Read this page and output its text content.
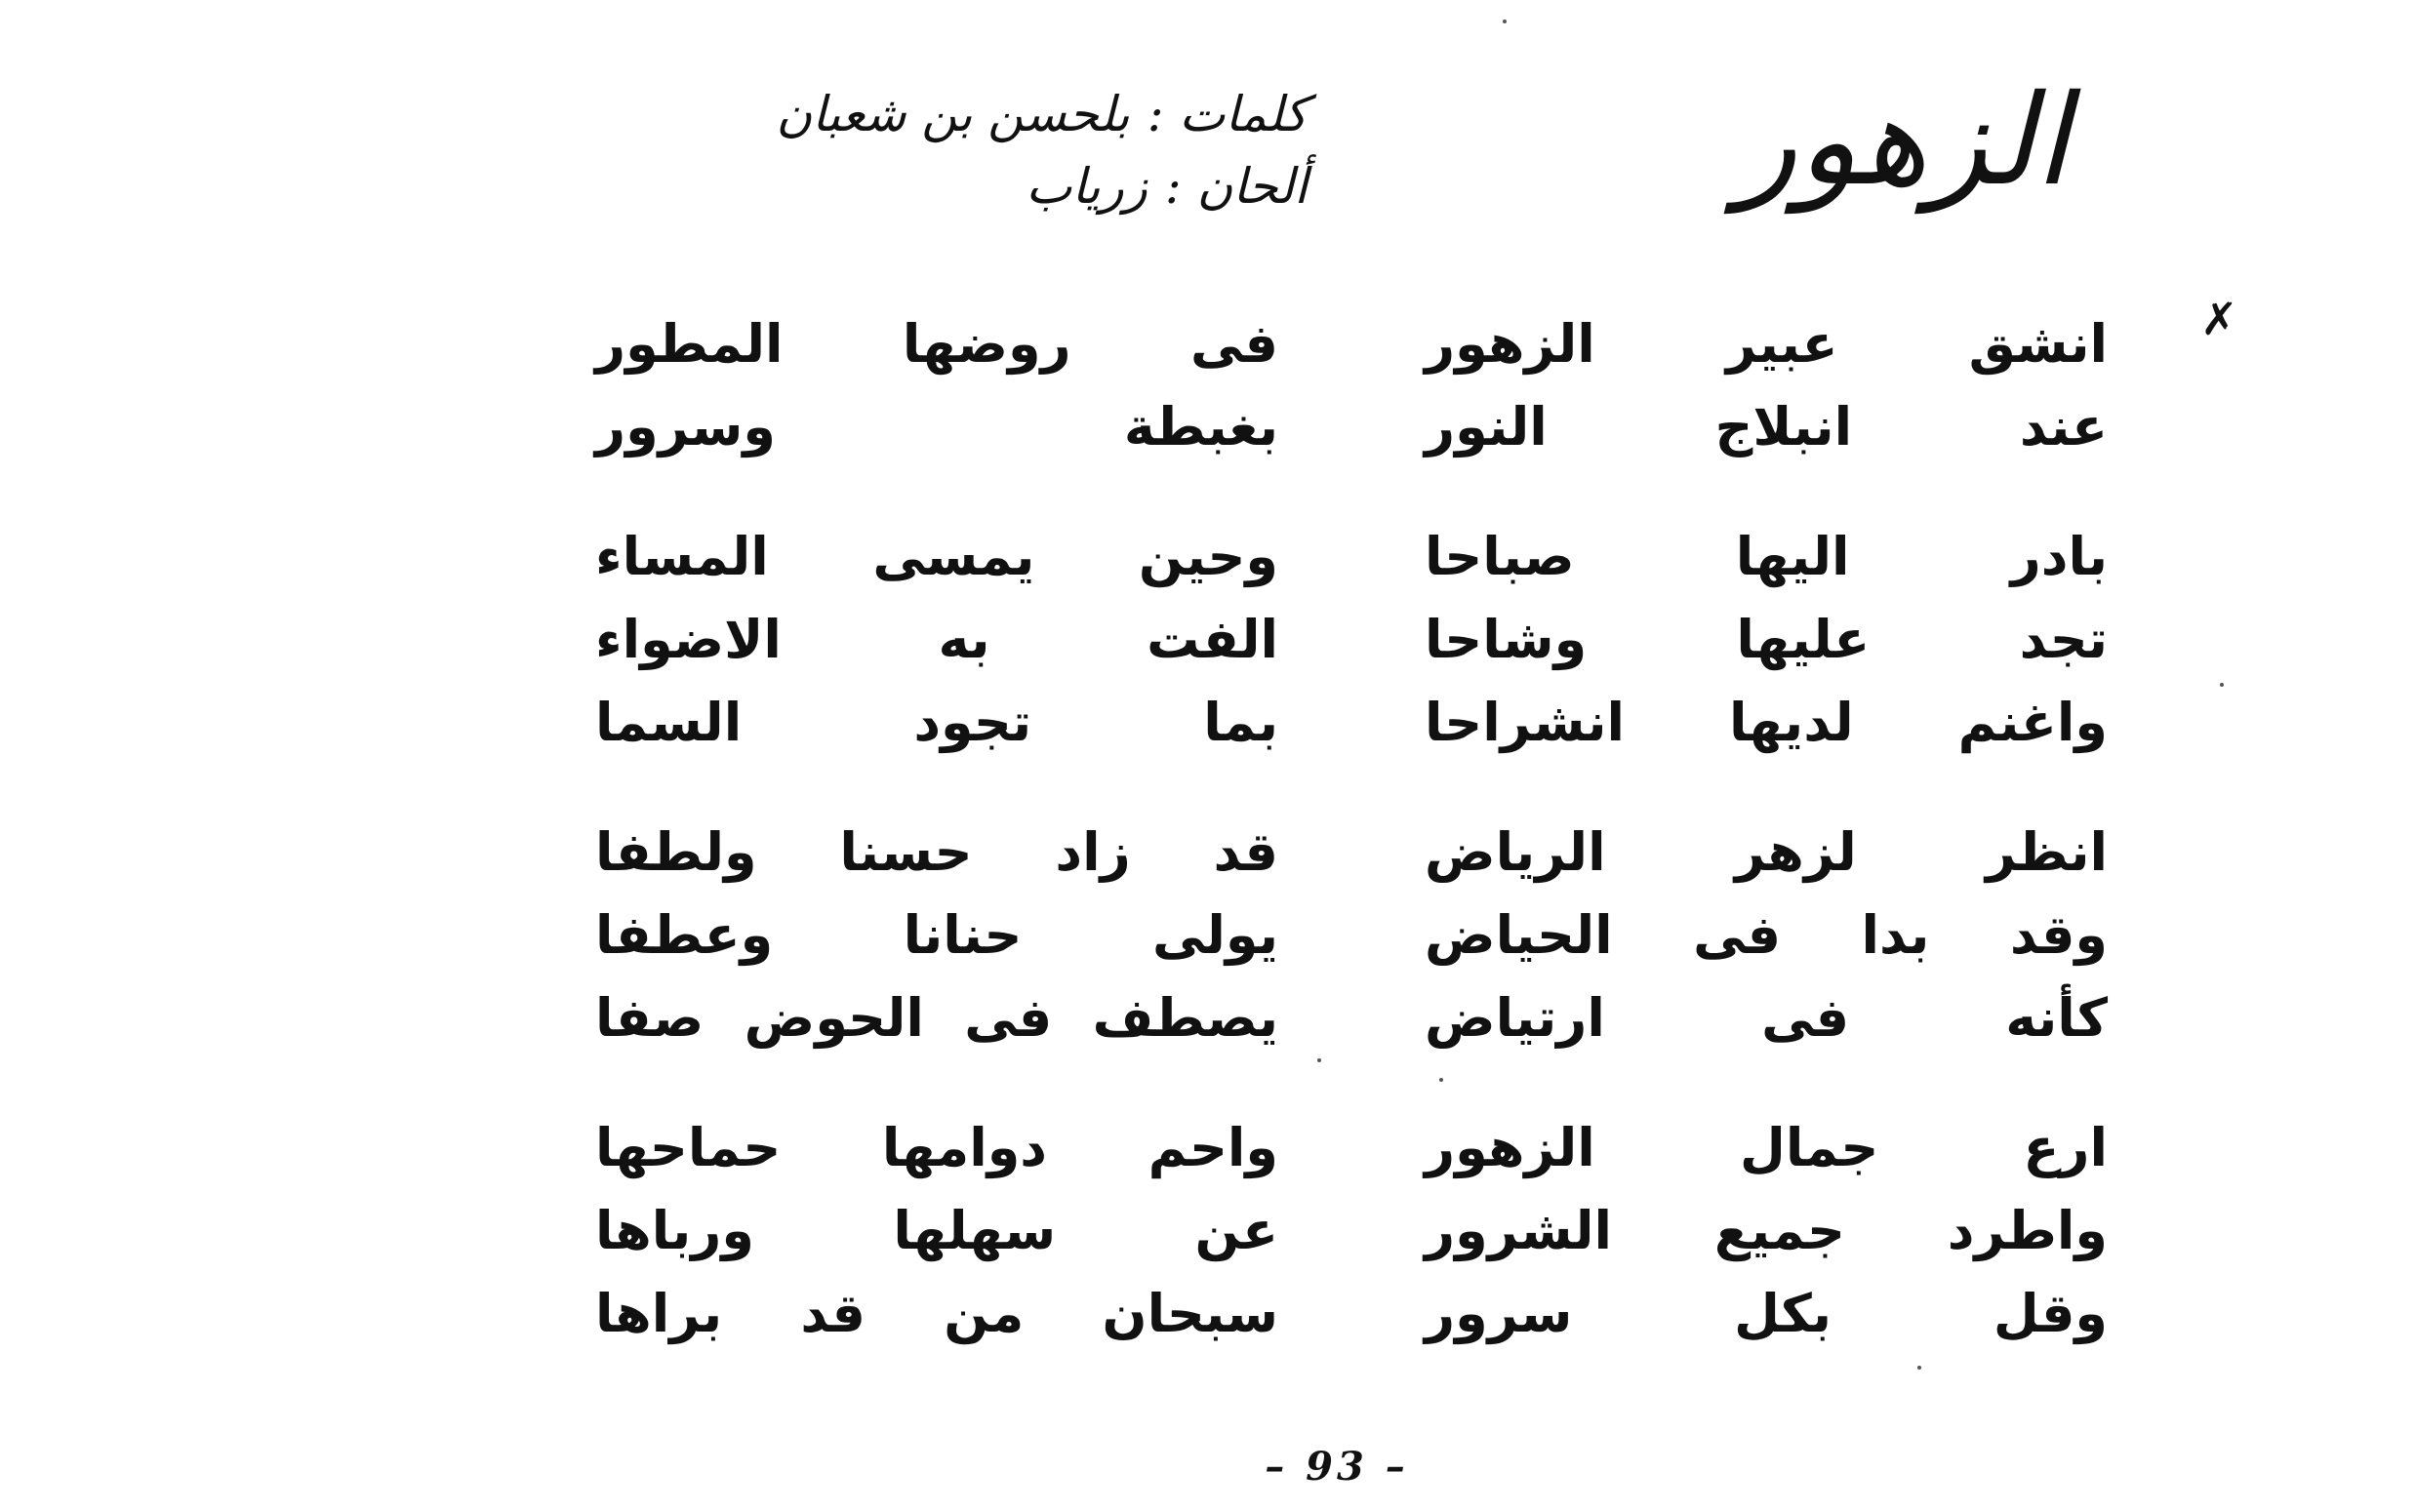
الزهور
كلمات :
بلحسن بن شعبان
ألحان :
زرياب
✗
انشق عبير الزهور
عند انبلاج النور
بادر اليها صباحا
تجد عليها وشاحا
واغنم لديها انشراحا
انظر لزهر الرياض
وقد بدا فى الحياض
كأنه فى ارتياض
ارع جمال الزهور
واطرد جميع الشرور
وقل بكل سرور
فى روضها المطور
بغبطة وسرور
وحين يمسى المساء
الفت به الاضواء
بما تجود السما
قد زاد حسنا ولطفا
يولى حنانا وعطفا
يصطف فى الحوض صفا
واحم دوامها حماحها
عن سهلها ورباها
سبحان من قد براها
– 93 –
